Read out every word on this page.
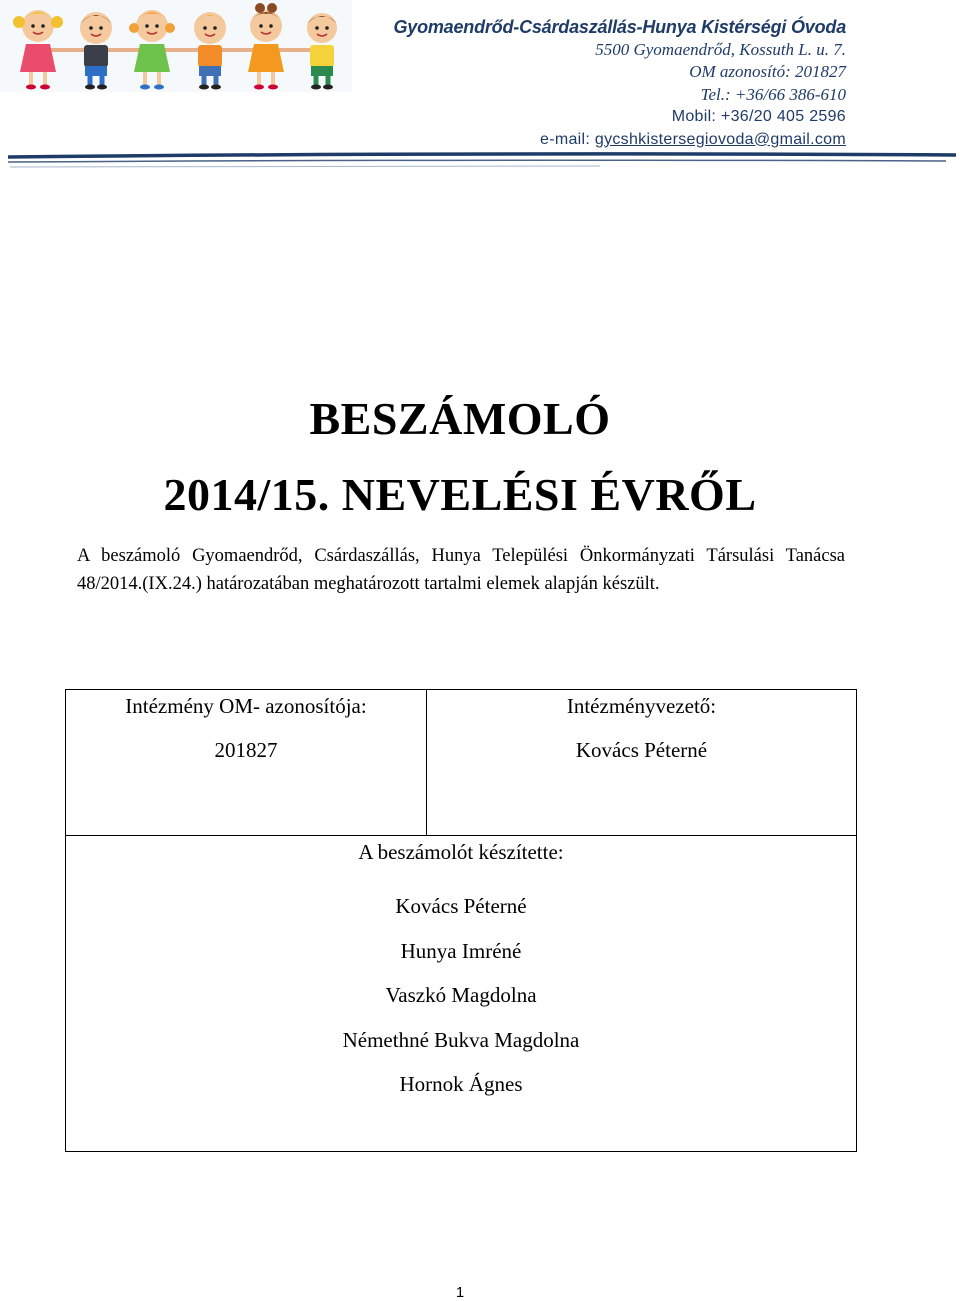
Gyomaendrőd-Csárdaszállás-Hunya Kistérségi Óvoda
5500 Gyomaendrőd, Kossuth L. u. 7.
OM azonosító: 201827
Tel.: +36/66 386-610
Mobil: +36/20 405 2596
e-mail: gycshkistersegiovoda@gmail.com
BESZÁMOLÓ
2014/15. NEVELÉSI ÉVRŐL

A beszámoló Gyomaendrőd, Csárdaszállás, Hunya Települési Önkormányzati Társulási Tanácsa 48/2014.(IX.24.) határozatában meghatározott tartalmi elemek alapján készült.

Intézmény OM- azonosítója:
201827
Intézményvezető:
Kovács Péterné
A beszámolót készítette:
Kovács Péterné
Hunya Imréné
Vaszkó Magdolna
Némethné Bukva Magdolna
Hornok Ágnes
1
